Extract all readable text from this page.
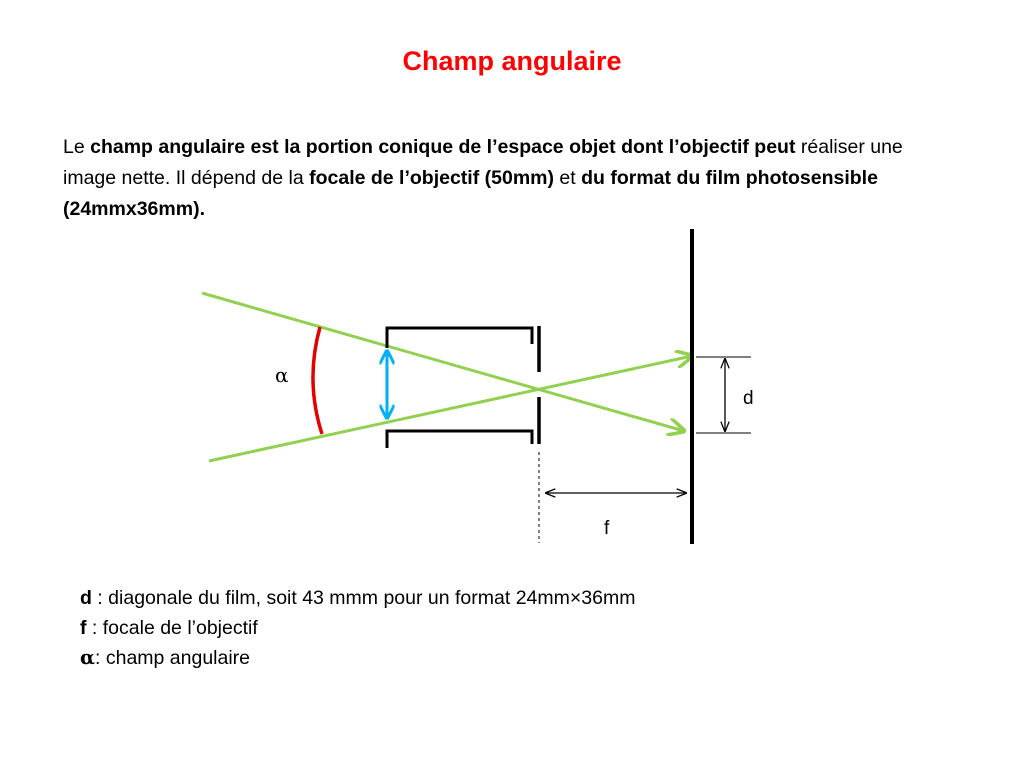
Champ angulaire
Le champ angulaire est la portion conique de l’espace objet dont l’objectif peut réaliser une image nette. Il dépend de la focale de l’objectif (50mm) et du format du film photosensible (24mmx36mm).
d
f
α
d : diagonale du film, soit 43 mmm pour un format 24mm×36mm
f : focale de l’objectif
α: champ angulaire
